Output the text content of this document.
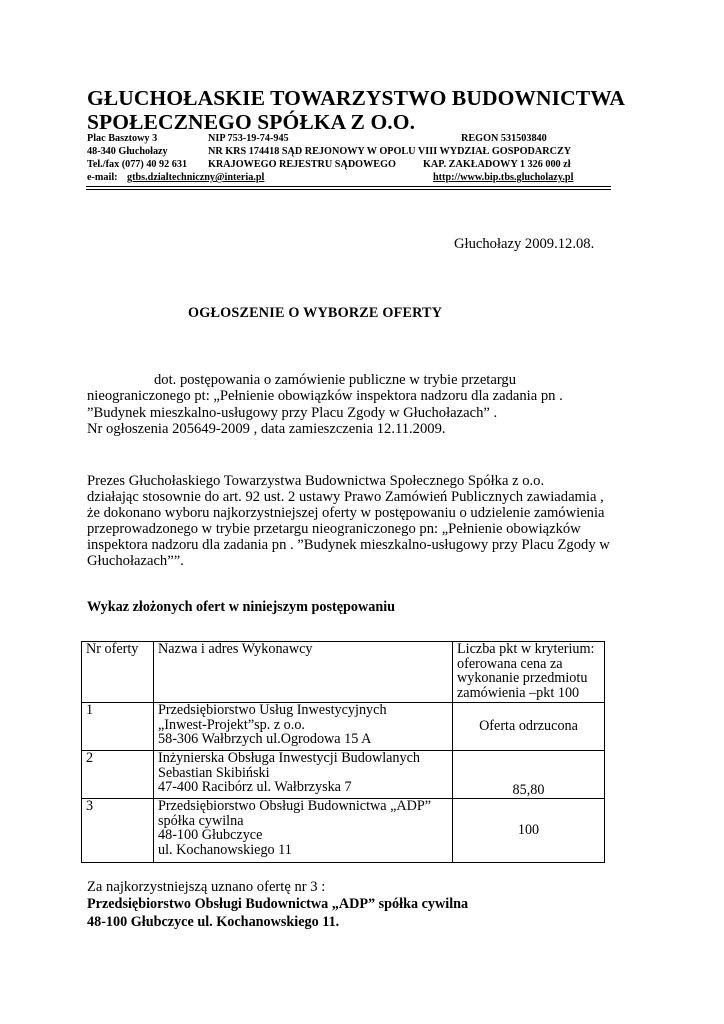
GŁUCHOŁASKIE TOWARZYSTWO BUDOWNICTWA
SPOŁECZNEGO SPÓŁKA Z O.O.
Plac Basztowy 3	NIP 753-19-74-945	REGON 531503840
48-340 Głuchołazy	NR KRS 174418 SĄD REJONOWY W OPOLU VIII WYDZIAŁ GOSPODARCZY
Tel./fax (077) 40 92 631 KRAJOWEGO REJESTRU SĄDOWEGO	KAP. ZAKŁADOWY 1 326 000 zł
e-mail: gtbs.dzialtechniczny@interia.pl	http://www.bip.tbs.glucholazy.pl
Głuchołazy 2009.12.08.
OGŁOSZENIE O WYBORZE OFERTY
dot. postępowania o zamówienie publiczne w trybie przetargu
nieograniczonego pt: „Pełnienie obowiązków inspektora nadzoru dla zadania pn .
”Budynek mieszkalno-usługowy przy Placu Zgody w Głuchołazach” .
Nr ogłoszenia 205649-2009 , data zamieszczenia 12.11.2009.
Prezes Głuchołaskiego Towarzystwa Budownictwa Społecznego Spółka z o.o.
działając stosownie do art. 92 ust. 2 ustawy Prawo Zamówień Publicznych zawiadamia ,
że dokonano wyboru najkorzystniejszej oferty w postępowaniu o udzielenie zamówienia
przeprowadzonego w trybie przetargu nieograniczonego pn: „Pełnienie obowiązków
inspektora nadzoru dla zadania pn . ”Budynek mieszkalno-usługowy przy Placu Zgody w
Głuchołazach””.
Wykaz złożonych ofert w niniejszym postępowaniu
Nr oferty	Nazwa i adres Wykonawcy	Liczba pkt w kryterium:
oferowana cena za
wykonanie przedmiotu
zamówienia –pkt 100

1	Przedsiębiorstwo Usług Inwestycyjnych
„Inwest-Projekt”sp. z o.o.
58-306 Wałbrzych ul.Ogrodowa 15 A	Oferta odrzucona
2	Inżynierska Obsługa Inwestycji Budowlanych
Sebastian Skibiński
47-400 Racibórz ul. Wałbrzyska 7	85,80
3	Przedsiębiorstwo Obsługi Budownictwa „ADP”
spółka cywilna
48-100 Głubczyce
ul. Kochanowskiego 11	100
Za najkorzystniejszą uznano ofertę nr 3 :
Przedsiębiorstwo Obsługi Budownictwa „ADP” spółka cywilna
48-100 Głubczyce ul. Kochanowskiego 11.
